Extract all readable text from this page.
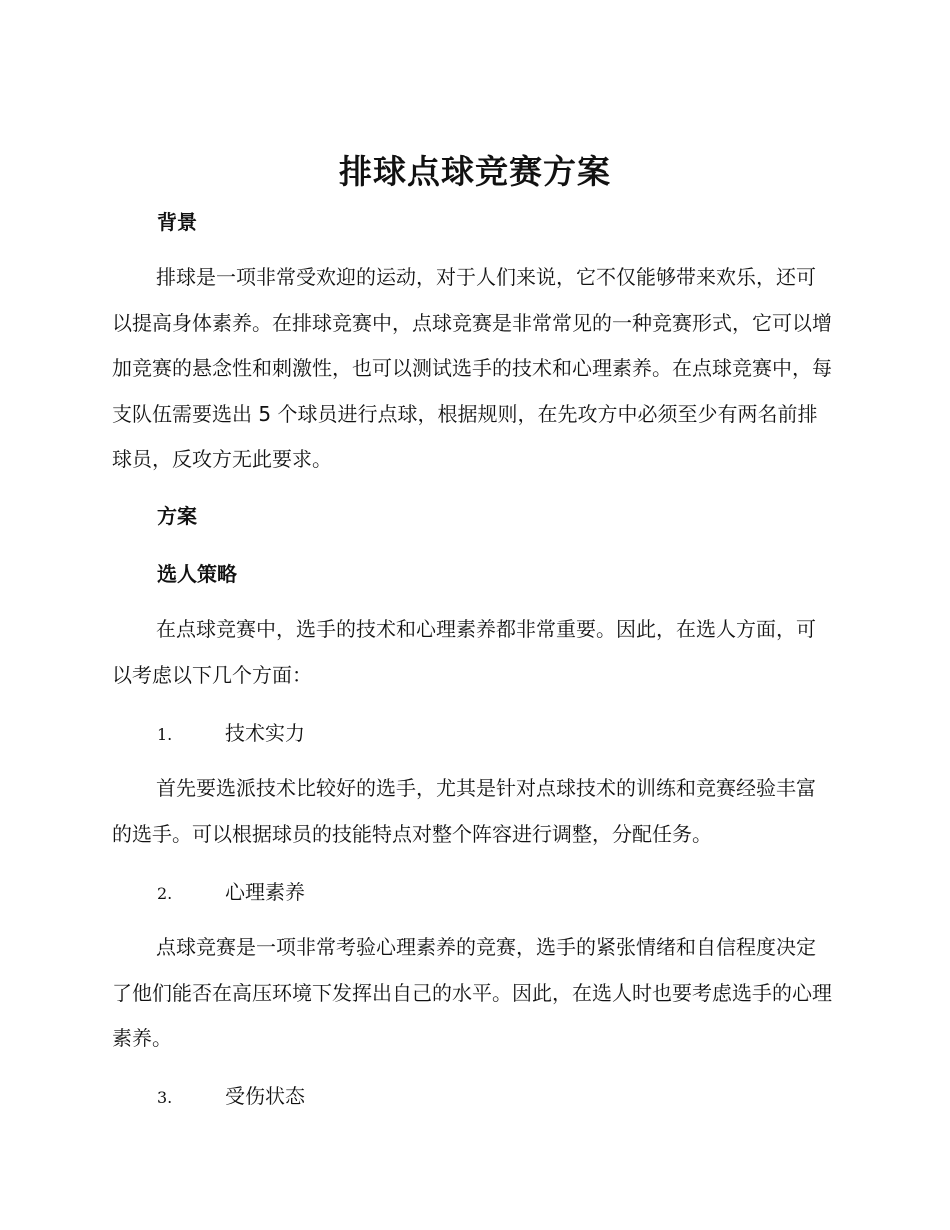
排球点球竞赛方案
背景

排球是一项非常受欢迎的运动，对于人们来说，它不仅能够带来欢乐，还可以提高身体素养。在排球竞赛中，点球竞赛是非常常见的一种竞赛形式，它可以增加竞赛的悬念性和刺激性，也可以测试选手的技术和心理素养。在点球竞赛中，每支队伍需要选出 5 个球员进行点球，根据规则，在先攻方中必须至少有两名前排球员，反攻方无此要求。

方案
选人策略

在点球竞赛中，选手的技术和心理素养都非常重要。因此，在选人方面，可以考虑以下几个方面：

1.	技术实力

首先要选派技术比较好的选手，尤其是针对点球技术的训练和竞赛经验丰富的选手。可以根据球员的技能特点对整个阵容进行调整，分配任务。

2.	心理素养

点球竞赛是一项非常考验心理素养的竞赛，选手的紧张情绪和自信程度决定了他们能否在高压环境下发挥出自己的水平。因此，在选人时也要考虑选手的心理素养。

3.	受伤状态
